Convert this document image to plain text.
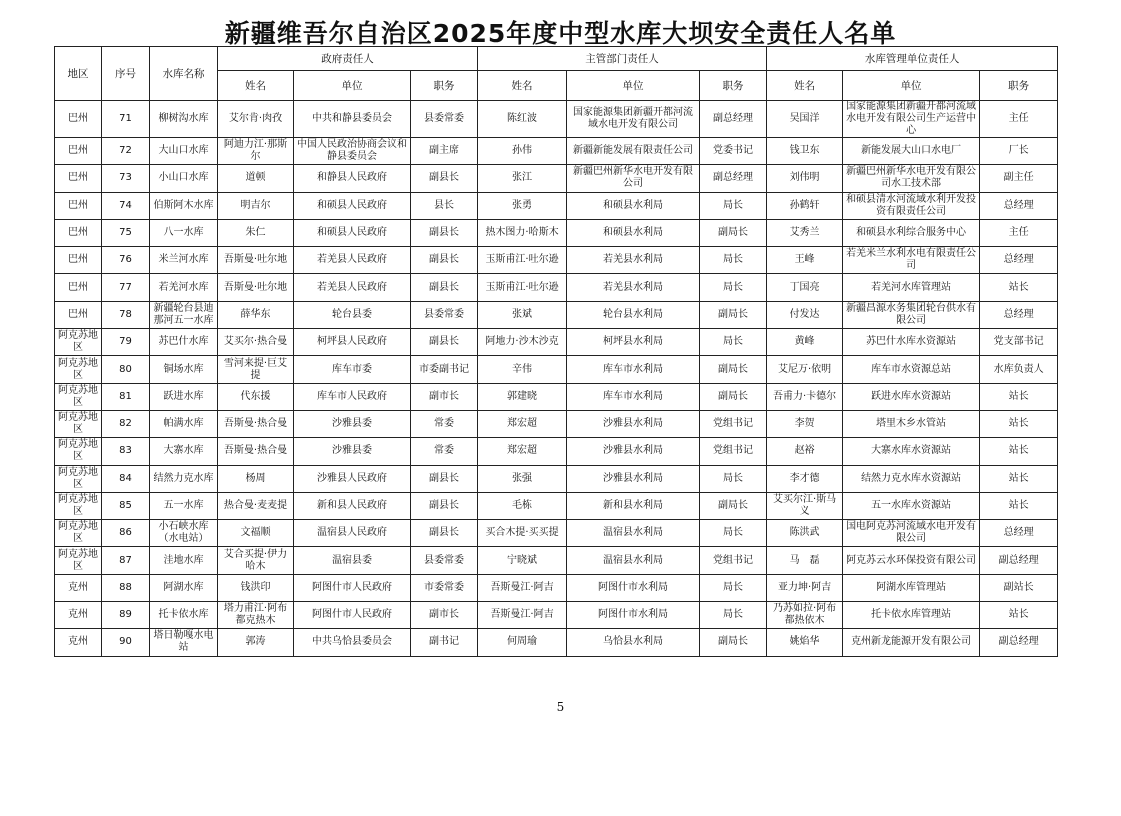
新疆维吾尔自治区2025年度中型水库大坝安全责任人名单
地区	序号	水库名称	政府责任人			主管部门责任人			水库管理单位责任人		
			姓名	单位	职务	姓名	单位	职务	姓名	单位	职务
巴州	71	柳树沟水库	艾尔肯·肉孜	中共和静县委员会	县委常委	陈红波	国家能源集团新疆开都河流域水电开发有限公司	副总经理	吴国洋	国家能源集团新疆开都河流域水电开发有限公司生产运营中心	主任
巴州	72	大山口水库	阿迪力江·那斯尔	中国人民政治协商会议和静县委员会	副主席	孙伟	新疆新能发展有限责任公司	党委书记	钱卫东	新能发展大山口水电厂	厂长
巴州	73	小山口水库	道顿	和静县人民政府	副县长	张江	新疆巴州新华水电开发有限公司	副总经理	刘伟明	新疆巴州新华水电开发有限公司水工技术部	副主任
巴州	74	伯斯阿木水库	明吉尔	和硕县人民政府	县长	张勇	和硕县水利局	局长	孙鹤轩	和硕县清水河流域水利开发投资有限责任公司	总经理
巴州	75	八一水库	朱仁	和硕县人民政府	副县长	热木图力·哈斯木	和硕县水利局	副局长	艾秀兰	和硕县水利综合服务中心	主任
巴州	76	米兰河水库	吾斯曼·吐尔地	若羌县人民政府	副县长	玉斯甫江·吐尔逊	若羌县水利局	局长	王峰	若羌米兰水利水电有限责任公司	总经理
巴州	77	若羌河水库	吾斯曼·吐尔地	若羌县人民政府	副县长	玉斯甫江·吐尔逊	若羌县水利局	局长	丁国亮	若羌河水库管理站	站长
巴州	78	新疆轮台县迪那河五一水库	薛华东	轮台县委	县委常委	张斌	轮台县水利局	副局长	付发达	新疆昌源水务集团轮台供水有限公司	总经理
阿克苏地区	79	苏巴什水库	艾买尔·热合曼	柯坪县人民政府	副县长	阿地力·沙木沙克	柯坪县水利局	局长	黄峰	苏巴什水库水资源站	党支部书记
阿克苏地区	80	铜场水库	雪河来提·巨艾提	库车市委	市委副书记	辛伟	库车市水利局	副局长	艾尼万·依明	库车市水资源总站	水库负责人
阿克苏地区	81	跃进水库	代东援	库车市人民政府	副市长	郭建晓	库车市水利局	副局长	吾甫力·卡德尔	跃进水库水资源站	站长
阿克苏地区	82	帕满水库	吾斯曼·热合曼	沙雅县委	常委	郑宏超	沙雅县水利局	党组书记	李贺	塔里木乡水管站	站长
阿克苏地区	83	大寨水库	吾斯曼·热合曼	沙雅县委	常委	郑宏超	沙雅县水利局	党组书记	赵裕	大寨水库水资源站	站长
阿克苏地区	84	结然力克水库	杨周	沙雅县人民政府	副县长	张强	沙雅县水利局	局长	李才德	结然力克水库水资源站	站长
阿克苏地区	85	五一水库	热合曼·麦麦提	新和县人民政府	副县长	毛栋	新和县水利局	副局长	艾买尔江·斯马义	五一水库水资源站	站长
阿克苏地区	86	小石峡水库（水电站）	文福顺	温宿县人民政府	副县长	买合木提·买买提	温宿县水利局	局长	陈洪武	国电阿克苏河流域水电开发有限公司	总经理
阿克苏地区	87	洼地水库	艾合买提·伊力哈木	温宿县委	县委常委	宁晓斌	温宿县水利局	党组书记	马　磊	阿克苏云水环保投资有限公司	副总经理
克州	88	阿湖水库	钱洪印	阿图什市人民政府	市委常委	吾斯曼江·阿吉	阿图什市水利局	局长	亚力坤·阿吉	阿湖水库管理站	副站长
克州	89	托卡依水库	塔力甫江·阿布都克热木	阿图什市人民政府	副市长	吾斯曼江·阿吉	阿图什市水利局	局长	乃苏如拉·阿布都热依木	托卡依水库管理站	站长
克州	90	塔日勒嘎水电站	郭涛	中共乌恰县委员会	副书记	何周瑜	乌恰县水利局	副局长	姚焰华	克州新龙能源开发有限公司	副总经理
5
